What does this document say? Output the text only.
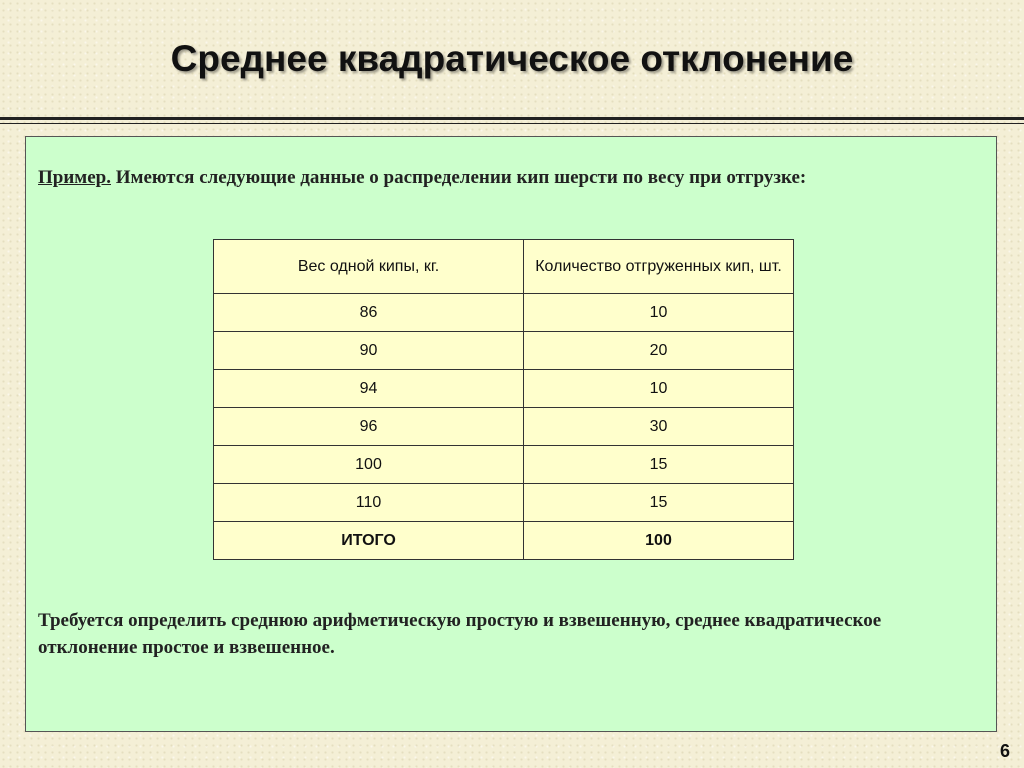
Среднее квадратическое отклонение
Пример. Имеются следующие данные о распределении кип шерсти по весу при отгрузке:
Вес одной кипы, кг.	Количество отгруженных кип, шт.
86	10
90	20
94	10
96	30
100	15
110	15
ИТОГО	100
Требуется определить среднюю арифметическую простую и взвешенную, среднее квадратическое отклонение простое и взвешенное.
6
